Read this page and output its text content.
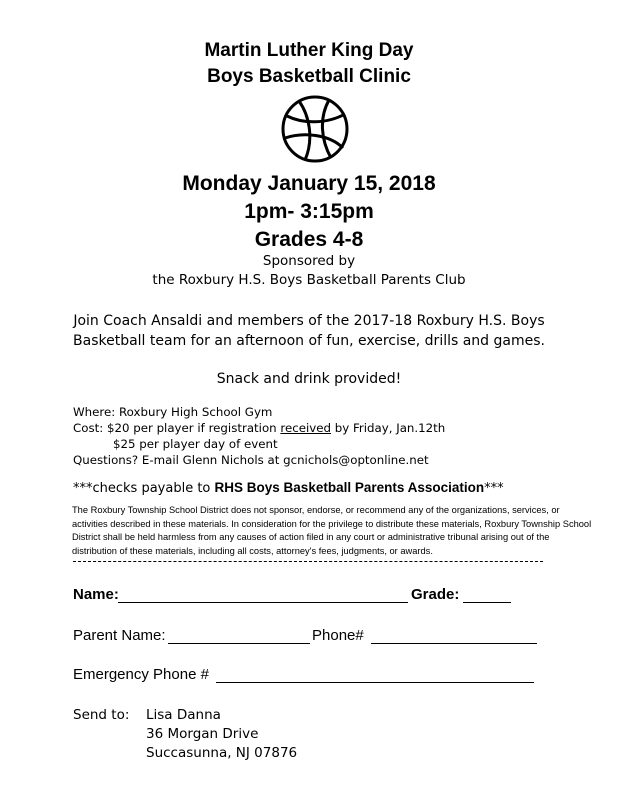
Martin Luther King Day
Boys Basketball Clinic
Monday January 15, 2018
1pm- 3:15pm
Grades 4-8
Sponsored by
the Roxbury H.S. Boys Basketball Parents Club
Join Coach Ansaldi and members of the 2017-18 Roxbury H.S. Boys
Basketball team for an afternoon of fun, exercise, drills and games.
Snack and drink provided!
Where: Roxbury High School Gym
Cost: $20 per player if registration received by Friday, Jan.12th
$25 per player day of event
Questions? E-mail Glenn Nichols at gcnichols@optonline.net
***checks payable to RHS Boys Basketball Parents Association***
The Roxbury Township School District does not sponsor, endorse, or recommend any of the organizations, services, or activities described in these materials. In consideration for the privilege to distribute these materials, Roxbury Township School District shall be held harmless from any causes of action filed in any court or administrative tribunal arising out of the distribution of these materials, including all costs, attorney's fees, judgments, or awards.
Name:	Grade:
Parent Name:	Phone#
Emergency Phone #
Send to: Lisa Danna
36 Morgan Drive
Succasunna, NJ 07876
